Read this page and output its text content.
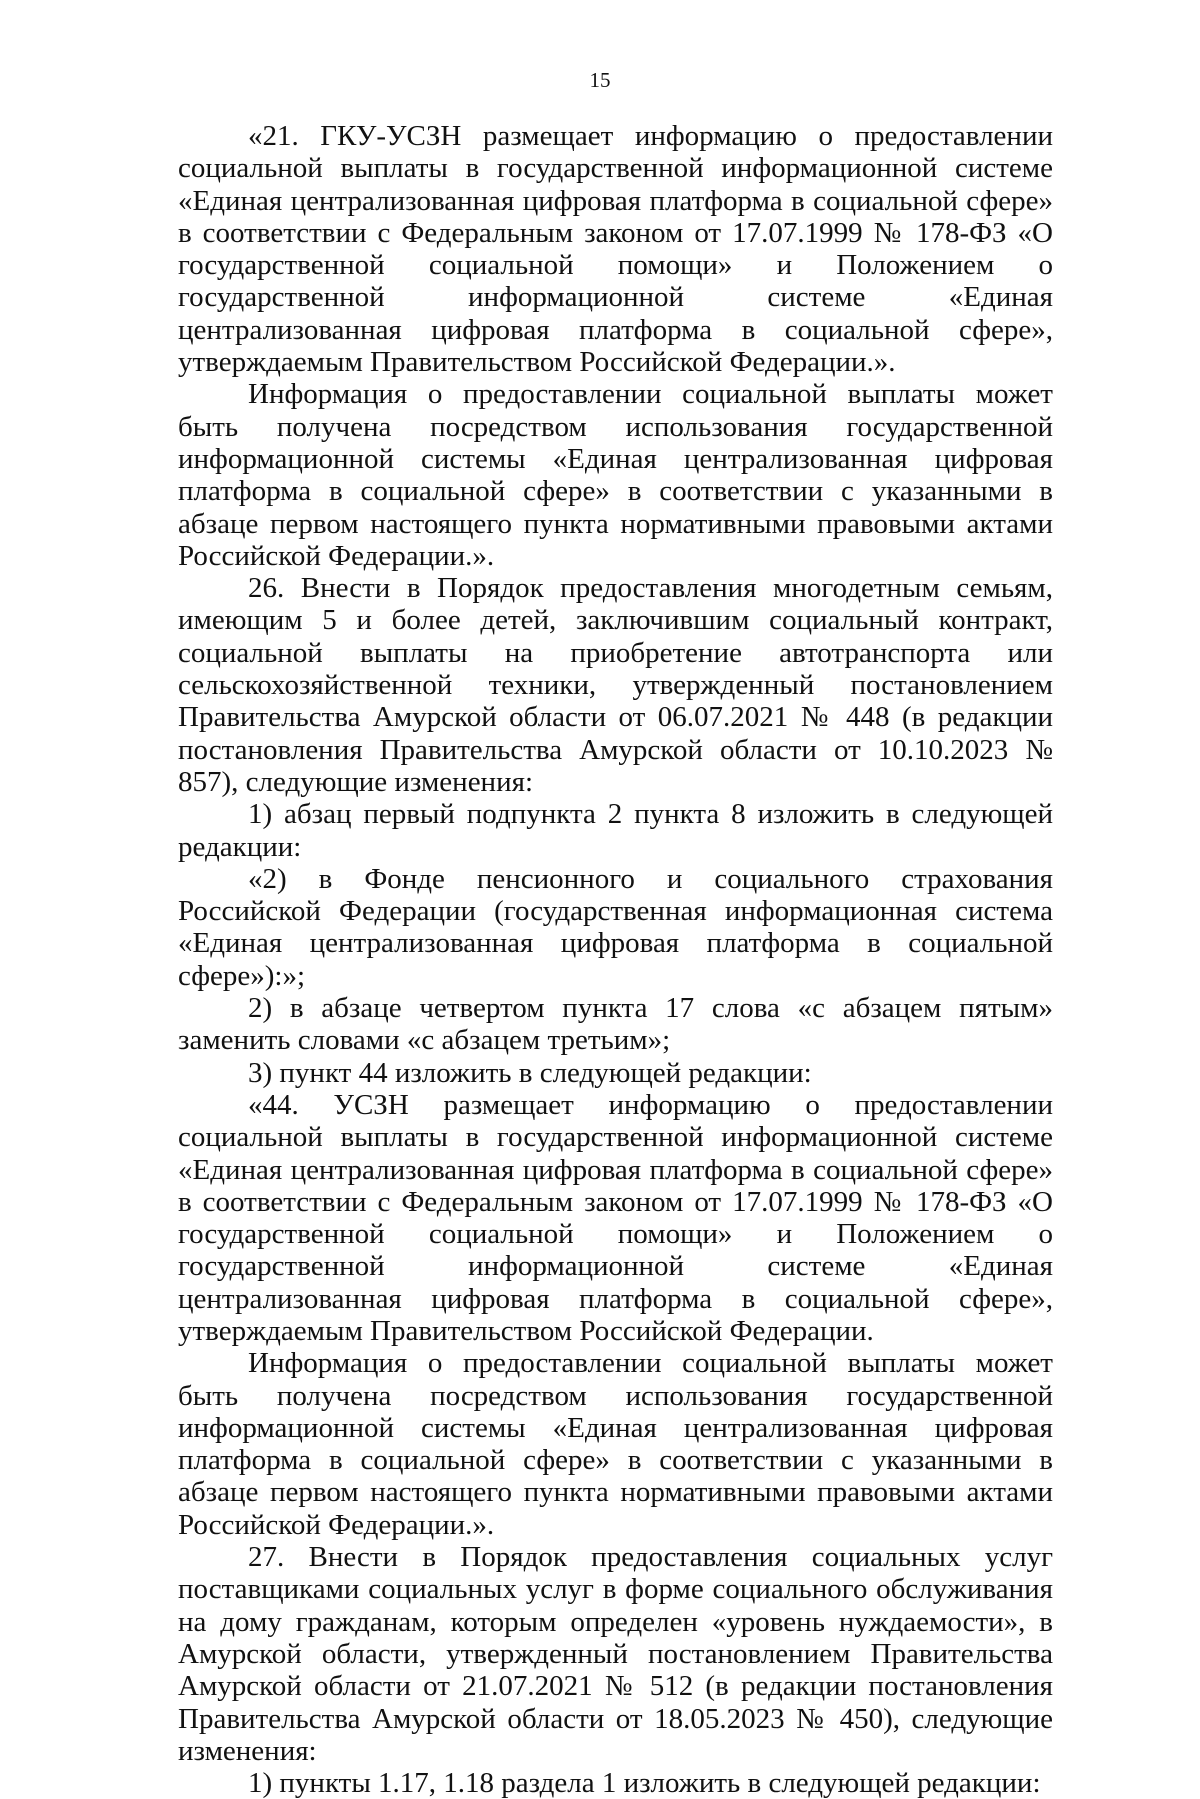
15

«21. ГКУ-УСЗН размещает информацию о предоставлении социальной выплаты в государственной информационной системе «Единая централизованная цифровая платформа в социальной сфере» в соответствии с Федеральным законом от 17.07.1999 № 178-ФЗ «О государственной социальной помощи» и Положением о государственной информационной системе «Единая централизованная цифровая платформа в социальной сфере», утверждаемым Правительством Российской Федерации.».

Информация о предоставлении социальной выплаты может быть получена посредством использования государственной информационной системы «Единая централизованная цифровая платформа в социальной сфере» в соответствии с указанными в абзаце первом настоящего пункта нормативными правовыми актами Российской Федерации.».

26. Внести в Порядок предоставления многодетным семьям, имеющим 5 и более детей, заключившим социальный контракт, социальной выплаты на приобретение автотранспорта или сельскохозяйственной техники, утвержденный постановлением Правительства Амурской области от 06.07.2021 № 448 (в редакции постановления Правительства Амурской области от 10.10.2023 № 857), следующие изменения:

1) абзац первый подпункта 2 пункта 8 изложить в следующей редакции:

«2) в Фонде пенсионного и социального страхования Российской Федерации (государственная информационная система «Единая централизованная цифровая платформа в социальной сфере»):»;

2) в абзаце четвертом пункта 17 слова «с абзацем пятым» заменить словами «с абзацем третьим»;

3) пункт 44 изложить в следующей редакции:

«44. УСЗН размещает информацию о предоставлении социальной выплаты в государственной информационной системе «Единая централизованная цифровая платформа в социальной сфере» в соответствии с Федеральным законом от 17.07.1999 № 178-ФЗ «О государственной социальной помощи» и Положением о государственной информационной системе «Единая централизованная цифровая платформа в социальной сфере», утверждаемым Правительством Российской Федерации.

Информация о предоставлении социальной выплаты может быть получена посредством использования государственной информационной системы «Единая централизованная цифровая платформа в социальной сфере» в соответствии с указанными в абзаце первом настоящего пункта нормативными правовыми актами Российской Федерации.».

27. Внести в Порядок предоставления социальных услуг поставщиками социальных услуг в форме социального обслуживания на дому гражданам, которым определен «уровень нуждаемости», в Амурской области, утвержденный постановлением Правительства Амурской области от 21.07.2021 № 512 (в редакции постановления Правительства Амурской области от 18.05.2023 № 450), следующие изменения:

1) пункты 1.17, 1.18 раздела 1 изложить в следующей редакции:
